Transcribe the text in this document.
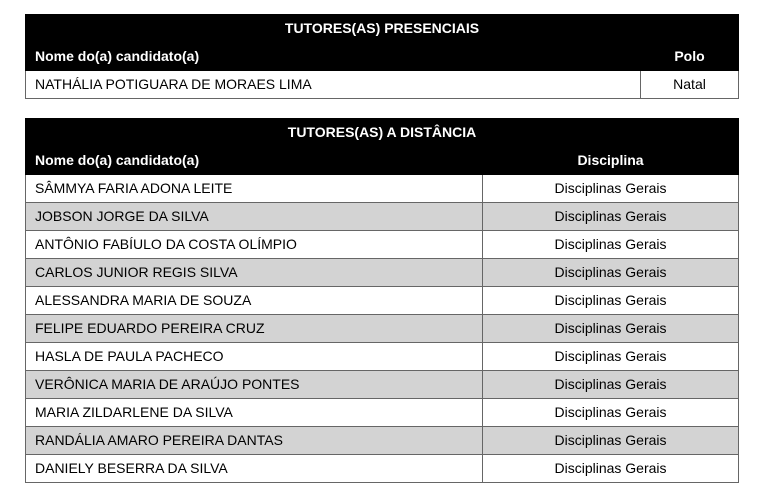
TUTORES(AS) PRESENCIAIS	
Nome do(a) candidato(a)	Polo
NATHÁLIA POTIGUARA DE MORAES LIMA	Natal
TUTORES(AS) A DISTÂNCIA	
Nome do(a) candidato(a)	Disciplina
SÂMMYA FARIA ADONA LEITE	Disciplinas Gerais
JOBSON JORGE DA SILVA	Disciplinas Gerais
ANTÔNIO FABÍULO DA COSTA OLÍMPIO	Disciplinas Gerais
CARLOS JUNIOR REGIS SILVA	Disciplinas Gerais
ALESSANDRA MARIA DE SOUZA	Disciplinas Gerais
FELIPE EDUARDO PEREIRA CRUZ	Disciplinas Gerais
HASLA DE PAULA PACHECO	Disciplinas Gerais
VERÔNICA MARIA DE ARAÚJO PONTES	Disciplinas Gerais
MARIA ZILDARLENE DA SILVA	Disciplinas Gerais
RANDÁLIA AMARO PEREIRA DANTAS	Disciplinas Gerais
DANIELY BESERRA DA SILVA	Disciplinas Gerais
